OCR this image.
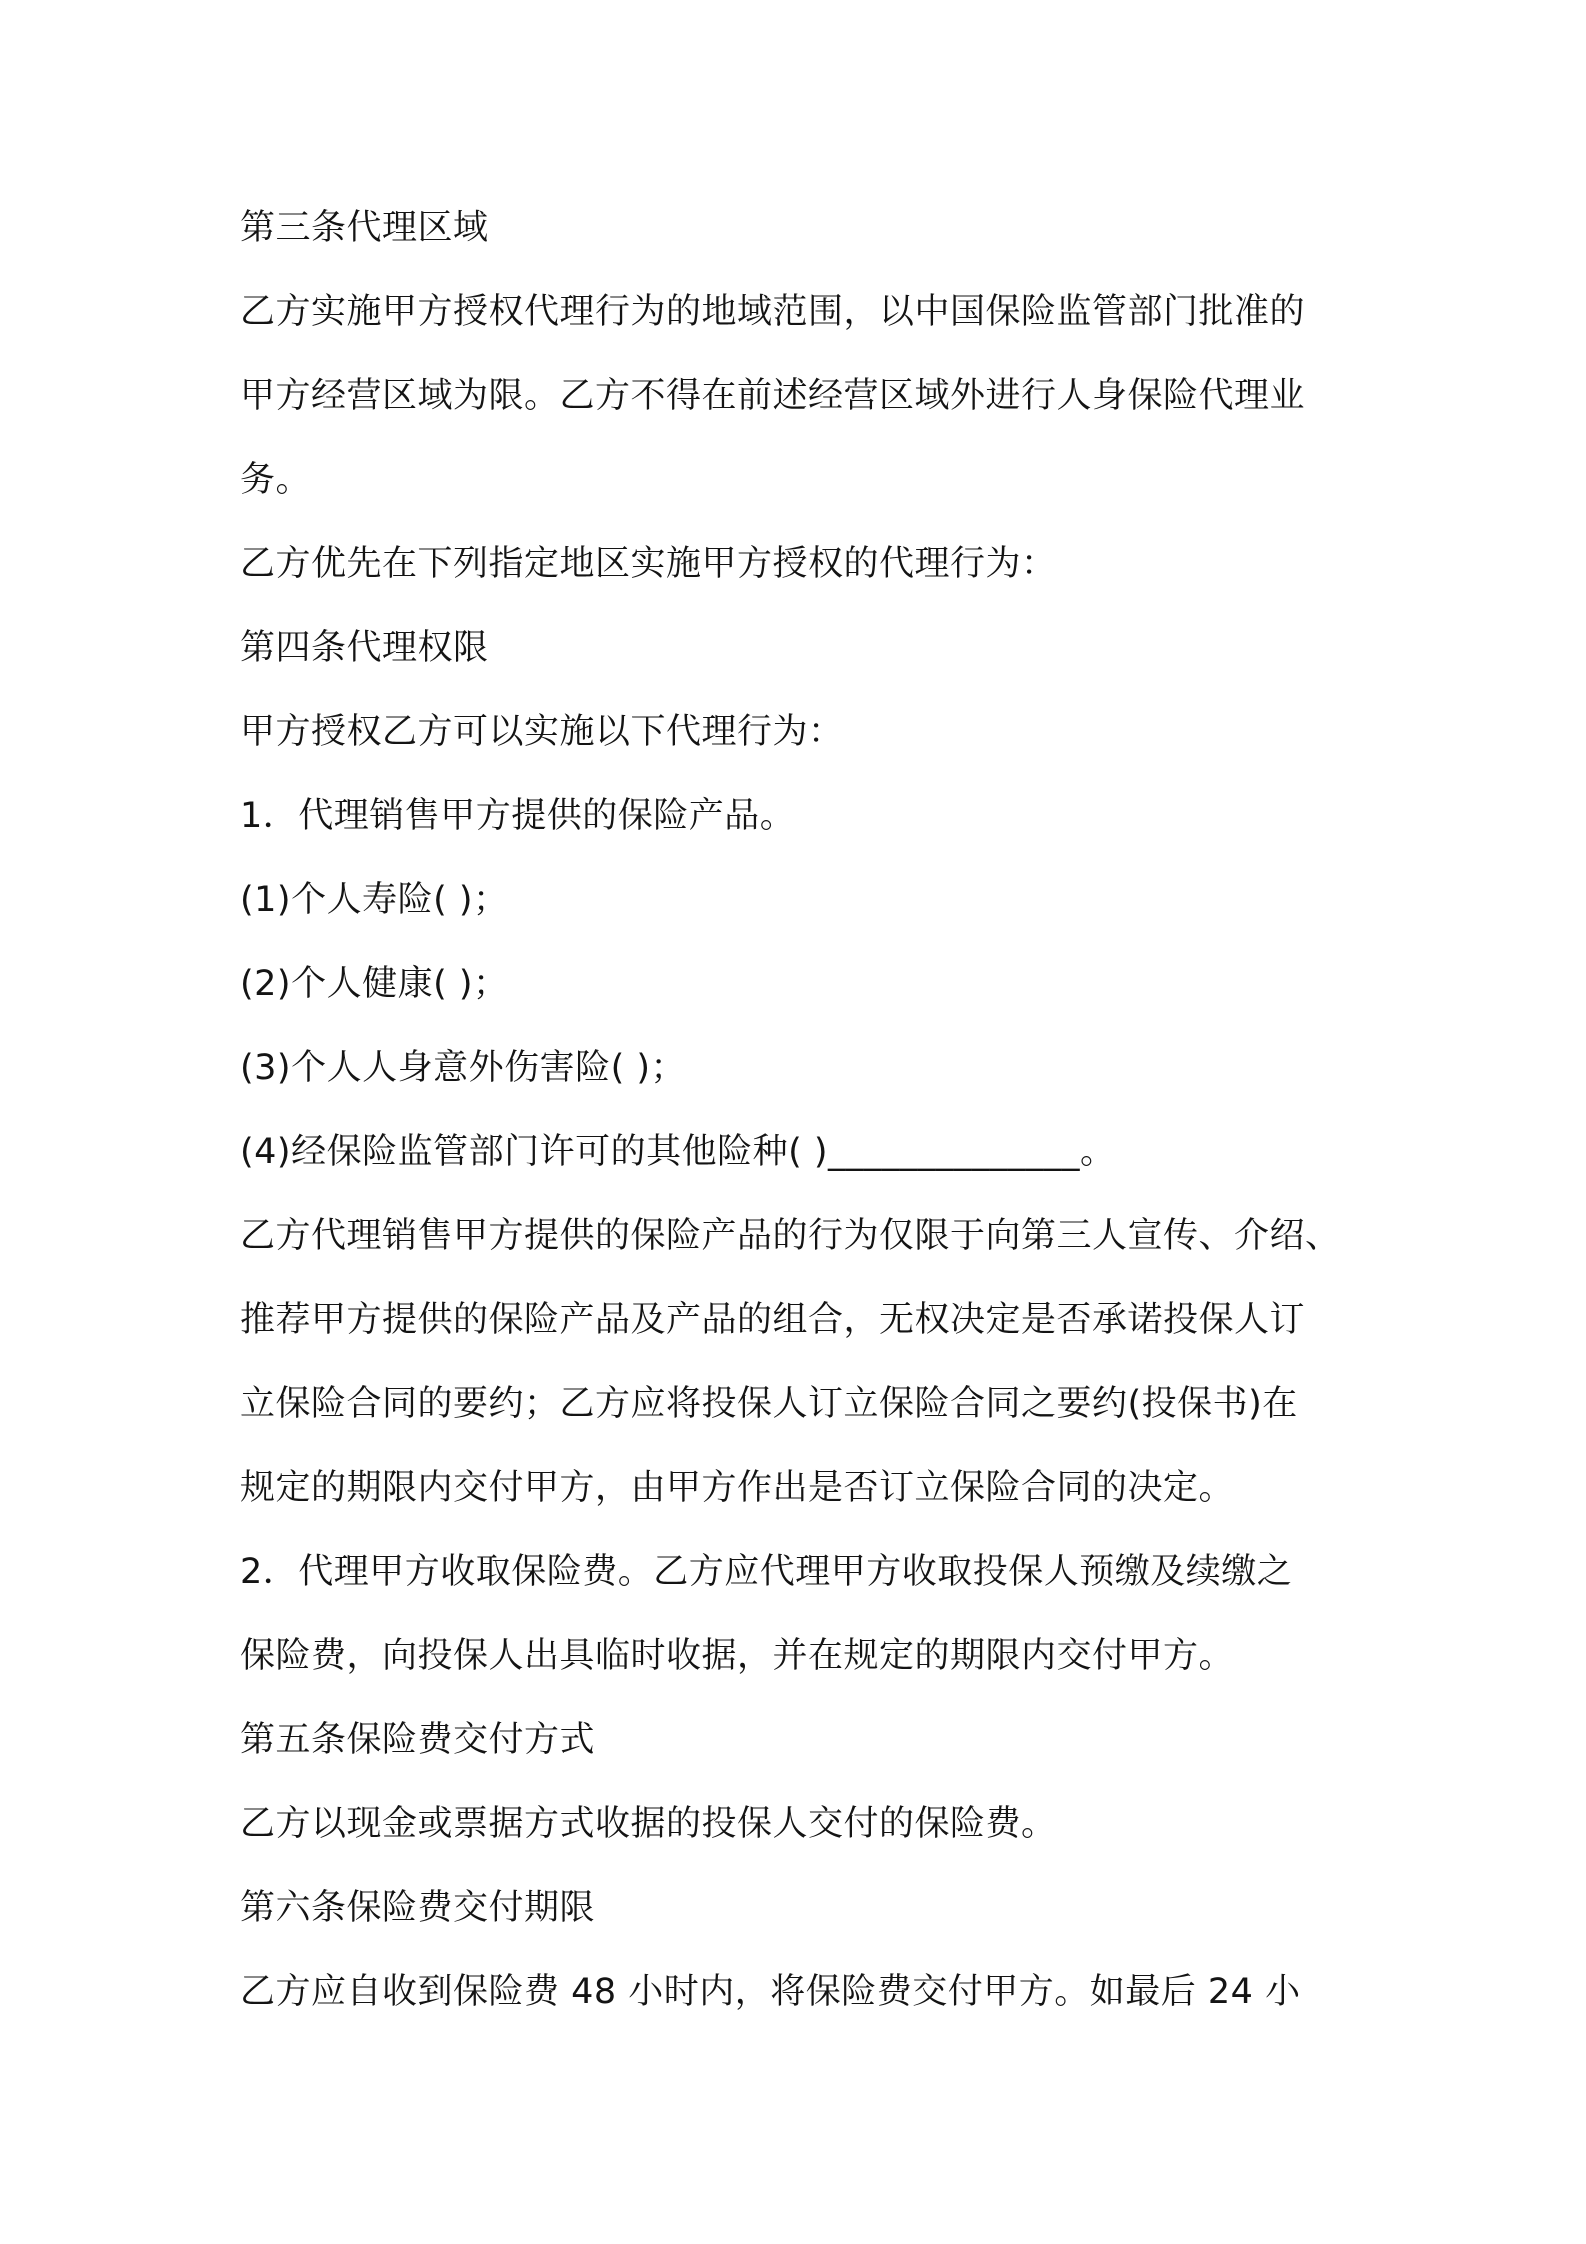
第三条代理区域
乙方实施甲方授权代理行为的地域范围，以中国保险监管部门批准的
甲方经营区域为限。乙方不得在前述经营区域外进行人身保险代理业
务。
乙方优先在下列指定地区实施甲方授权的代理行为：
第四条代理权限
甲方授权乙方可以实施以下代理行为：
1．代理销售甲方提供的保险产品。
(1)个人寿险( )；
(2)个人健康( )；
(3)个人人身意外伤害险( )；
(4)经保险监管部门许可的其他险种( )______________。
乙方代理销售甲方提供的保险产品的行为仅限于向第三人宣传、介绍、
推荐甲方提供的保险产品及产品的组合，无权决定是否承诺投保人订
立保险合同的要约；乙方应将投保人订立保险合同之要约(投保书)在
规定的期限内交付甲方，由甲方作出是否订立保险合同的决定。
2．代理甲方收取保险费。乙方应代理甲方收取投保人预缴及续缴之
保险费，向投保人出具临时收据，并在规定的期限内交付甲方。
第五条保险费交付方式
乙方以现金或票据方式收据的投保人交付的保险费。
第六条保险费交付期限
乙方应自收到保险费 48 小时内，将保险费交付甲方。如最后 24 小
